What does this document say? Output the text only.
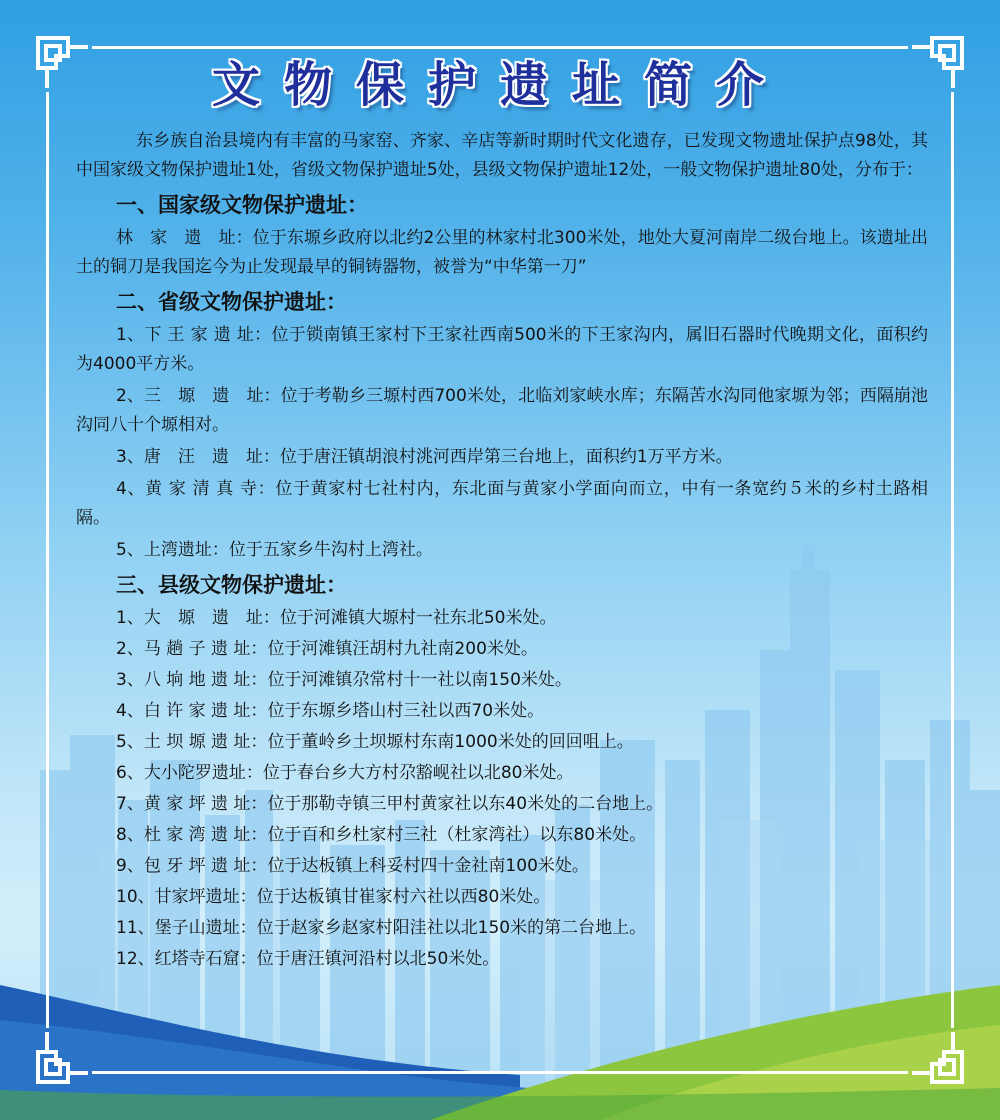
文物保护遗址简介

东乡族自治县境内有丰富的马家窑、齐家、辛店等新时期时代文化遗存，已发现文物遗址保护点98处，其中国家级文物保护遗址1处，省级文物保护遗址5处，县级文物保护遗址12处，一般文物保护遗址80处，分布于：

一、国家级文物保护遗址：

林　家　遗　址：位于东塬乡政府以北约2公里的林家村北300米处，地处大夏河南岸二级台地上。该遗址出土的铜刀是我国迄今为止发现最早的铜铸器物，被誉为“中华第一刀”

二、省级文物保护遗址：

1、下 王 家 遗 址：位于锁南镇王家村下王家社西南500米的下王家沟内，属旧石器时代晚期文化，面积约为4000平方米。

2、三　塬　遗　址：位于考勒乡三塬村西700米处，北临刘家峡水库；东隔苦水沟同他家塬为邻；西隔崩池沟同八十个塬相对。

3、唐　汪　遗　址：位于唐汪镇胡浪村洮河西岸第三台地上，面积约1万平方米。

4、黄 家 清 真 寺：位于黄家村七社村内，东北面与黄家小学面向而立，中有一条宽约５米的乡村土路相隔。

5、上湾遗址：位于五家乡牛沟村上湾社。

三、县级文物保护遗址：

1、大　塬　遗　址：位于河滩镇大塬村一社东北50米处。

2、马 趟 子 遗 址：位于河滩镇汪胡村九社南200米处。

3、八 垧 地 遗 址：位于河滩镇尕常村十一社以南150米处。

4、白 许 家 遗 址：位于东塬乡塔山村三社以西70米处。

5、土 坝 塬 遗 址：位于董岭乡土坝塬村东南1000米处的回回咀上。

6、大小陀罗遗址：位于春台乡大方村尕豁岘社以北80米处。

7、黄 家 坪 遗 址：位于那勒寺镇三甲村黄家社以东40米处的二台地上。

8、杜 家 湾 遗 址：位于百和乡杜家村三社（杜家湾社）以东80米处。

9、包 牙 坪 遗 址：位于达板镇上科妥村四十金社南100米处。

10、甘家坪遗址：位于达板镇甘崔家村六社以西80米处。

11、堡子山遗址：位于赵家乡赵家村阳洼社以北150米的第二台地上。

12、红塔寺石窟：位于唐汪镇河沿村以北50米处。
